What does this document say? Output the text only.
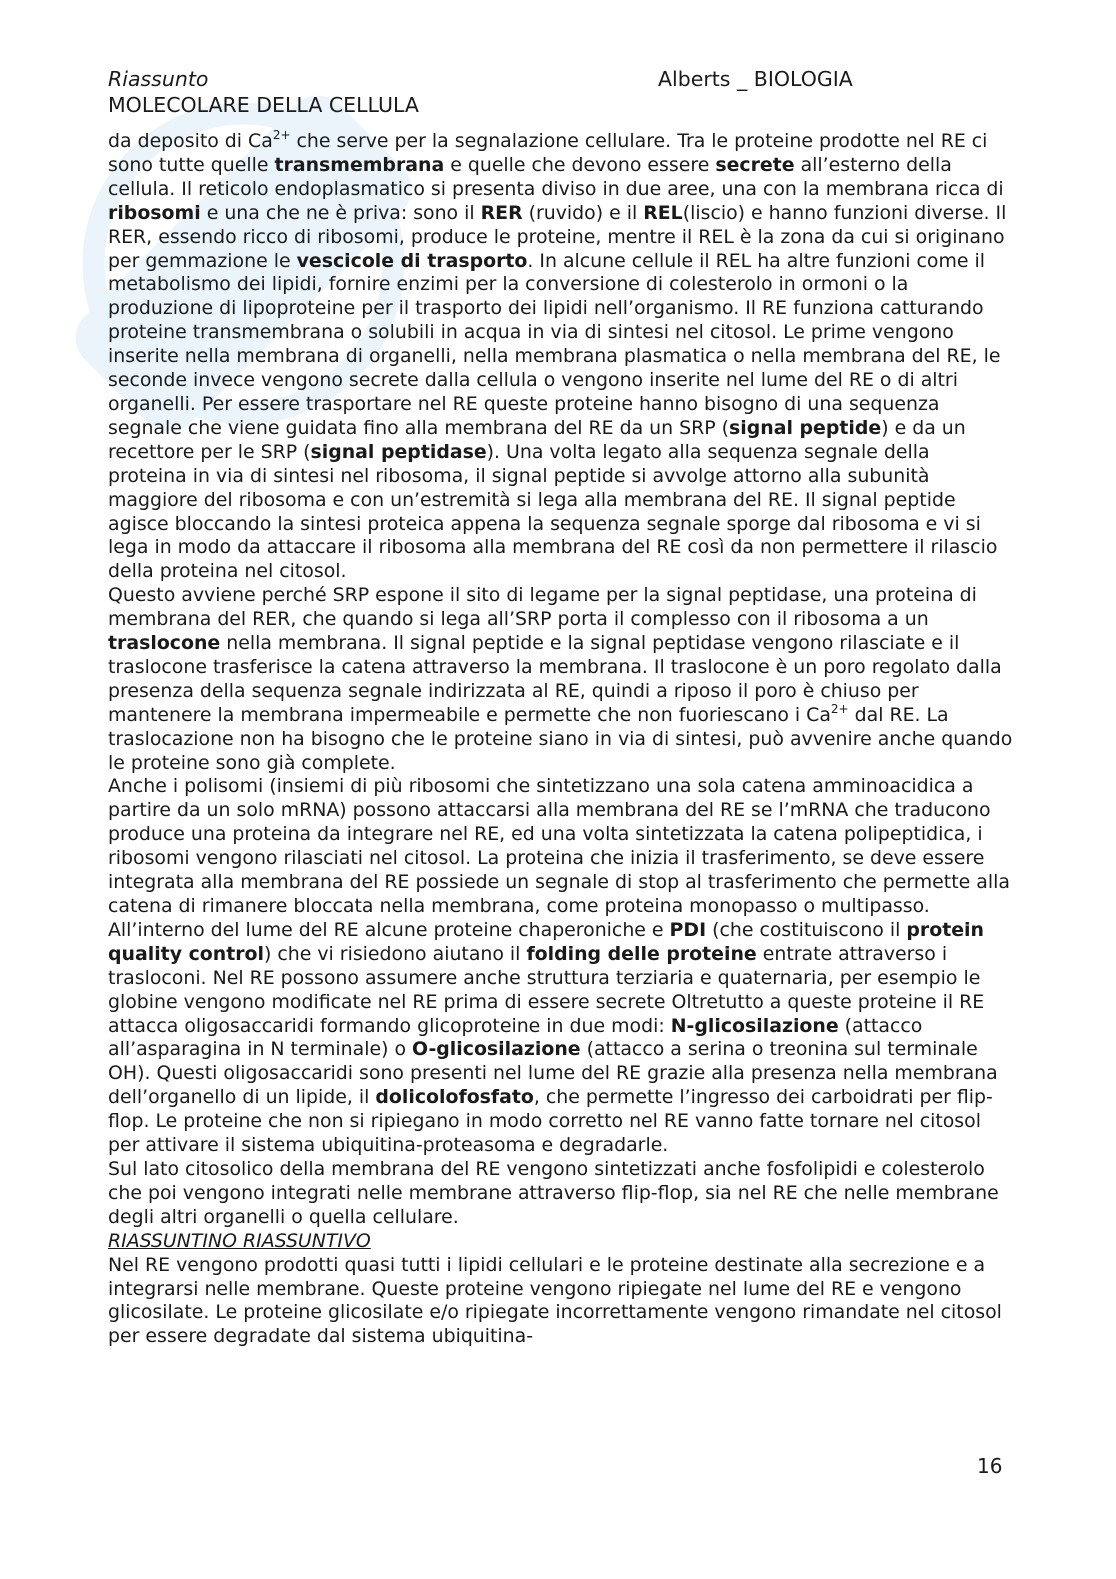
Riassunto	Alberts _ BIOLOGIA
MOLECOLARE DELLA CELLULA

da deposito di $Ca^{2+}$ che serve per la segnalazione cellulare. Tra le proteine prodotte nel RE ci sono tutte quelle transmembrana e quelle che devono essere secrete all’esterno della cellula. Il reticolo endoplasmatico si presenta diviso in due aree, una con la membrana ricca di ribosomi e una che ne è priva: sono il RER (ruvido) e il REL(liscio) e hanno funzioni diverse. Il RER, essendo ricco di ribosomi, produce le proteine, mentre il REL è la zona da cui si originano per gemmazione le vescicole di trasporto. In alcune cellule il REL ha altre funzioni come il metabolismo dei lipidi, fornire enzimi per la conversione di colesterolo in ormoni o la produzione di lipoproteine per il trasporto dei lipidi nell’organismo. Il RE funziona catturando proteine transmembrana o solubili in acqua in via di sintesi nel citosol. Le prime vengono inserite nella membrana di organelli, nella membrana plasmatica o nella membrana del RE, le seconde invece vengono secrete dalla cellula o vengono inserite nel lume del RE o di altri organelli. Per essere trasportare nel RE queste proteine hanno bisogno di una sequenza segnale che viene guidata fino alla membrana del RE da un SRP (signal peptide) e da un recettore per le SRP (signal peptidase). Una volta legato alla sequenza segnale della proteina in via di sintesi nel ribosoma, il signal peptide si avvolge attorno alla subunità maggiore del ribosoma e con un’estremità si lega alla membrana del RE. Il signal peptide agisce bloccando la sintesi proteica appena la sequenza segnale sporge dal ribosoma e vi si lega in modo da attaccare il ribosoma alla membrana del RE così da non permettere il rilascio della proteina nel citosol.

Questo avviene perché SRP espone il sito di legame per la signal peptidase, una proteina di membrana del RER, che quando si lega all’SRP porta il complesso con il ribosoma a un traslocone nella membrana. Il signal peptide e la signal peptidase vengono rilasciate e il traslocone trasferisce la catena attraverso la membrana. Il traslocone è un poro regolato dalla presenza della sequenza segnale indirizzata al RE, quindi a riposo il poro è chiuso per mantenere la membrana impermeabile e permette che non fuoriescano i $Ca^{2+}$ dal RE. La traslocazione non ha bisogno che le proteine siano in via di sintesi, può avvenire anche quando le proteine sono già complete.

Anche i polisomi (insiemi di più ribosomi che sintetizzano una sola catena amminoacidica a partire da un solo mRNA) possono attaccarsi alla membrana del RE se l’mRNA che traducono produce una proteina da integrare nel RE, ed una volta sintetizzata la catena polipeptidica, i ribosomi vengono rilasciati nel citosol. La proteina che inizia il trasferimento, se deve essere integrata alla membrana del RE possiede un segnale di stop al trasferimento che permette alla catena di rimanere bloccata nella membrana, come proteina monopasso o multipasso.

All’interno del lume del RE alcune proteine chaperoniche e PDI (che costituiscono il protein quality control) che vi risiedono aiutano il folding delle proteine entrate attraverso i trasloconi. Nel RE possono assumere anche struttura terziaria e quaternaria, per esempio le globine vengono modificate nel RE prima di essere secrete Oltretutto a queste proteine il RE attacca oligosaccaridi formando glicoproteine in due modi: N-glicosilazione (attacco all’asparagina in N terminale) o O-glicosilazione (attacco a serina o treonina sul terminale OH). Questi oligosaccaridi sono presenti nel lume del RE grazie alla presenza nella membrana dell’organello di un lipide, il dolicolofosfato, che permette l’ingresso dei carboidrati per flip-flop. Le proteine che non si ripiegano in modo corretto nel RE vanno fatte tornare nel citosol per attivare il sistema ubiquitina-proteasoma e degradarle.

Sul lato citosolico della membrana del RE vengono sintetizzati anche fosfolipidi e colesterolo che poi vengono integrati nelle membrane attraverso flip-flop, sia nel RE che nelle membrane degli altri organelli o quella cellulare.

RIASSUNTINO RIASSUNTIVO

Nel RE vengono prodotti quasi tutti i lipidi cellulari e le proteine destinate alla secrezione e a integrarsi nelle membrane. Queste proteine vengono ripiegate nel lume del RE e vengono glicosilate. Le proteine glicosilate e/o ripiegate incorrettamente vengono rimandate nel citosol per essere degradate dal sistema ubiquitina-

16
